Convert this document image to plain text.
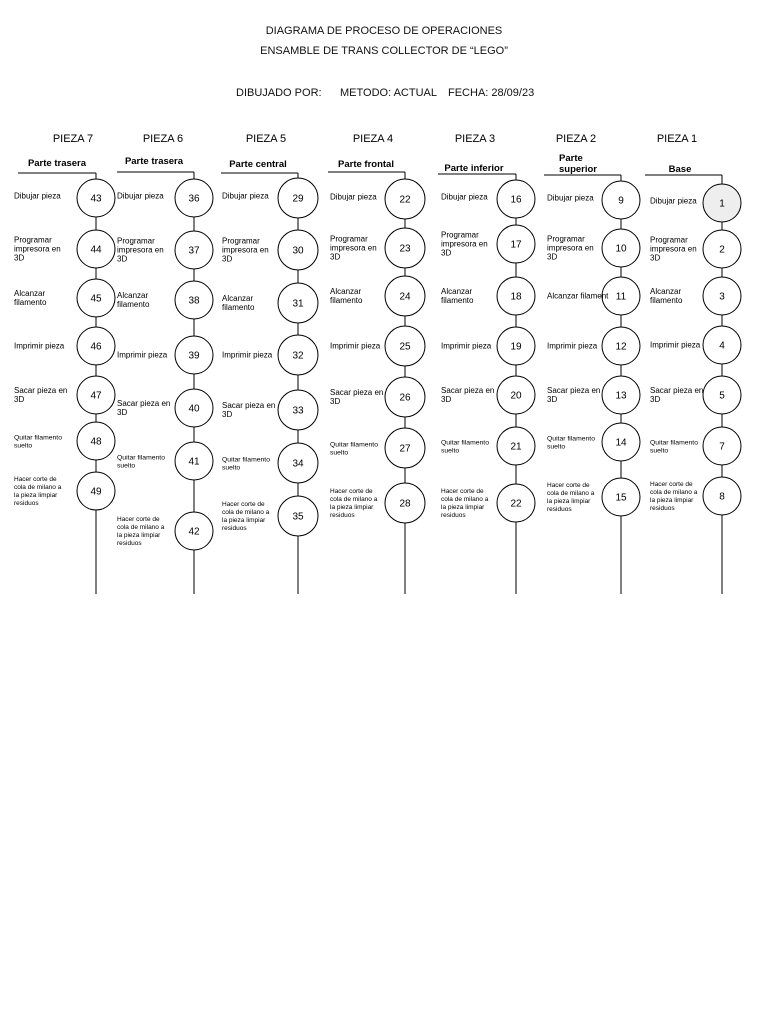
DIAGRAMA DE PROCESO DE OPERACIONES
ENSAMBLE DE TRANS COLLECTOR DE “LEGO”
DIBUJADO POR: METODO: ACTUAL FECHA: 28/09/23
PIEZA 7
Parte trasera
43
Dibujar pieza
44
Programar impresora en 3D
45
Alcanzar filamento
46
Imprimir pieza
47
Sacar pieza en 3D
48
Quitar filamento suelto
49
Hacer corte de cola de milano a la pieza limpiar residuos
PIEZA 6
Parte trasera
36
Dibujar pieza
37
Programar impresora en 3D
38
Alcanzar filamento
39
Imprimir pieza
40
Sacar pieza en 3D
41
Quitar filamento suelto
42
Hacer corte de cola de milano a la pieza limpiar residuos
PIEZA 5
Parte central
29
Dibujar pieza
30
Programar impresora en 3D
31
Alcanzar filamento
32
Imprimir pieza
33
Sacar pieza en 3D
34
Quitar filamento suelto
35
Hacer corte de cola de milano a la pieza limpiar residuos
PIEZA 4
Parte frontal
22
Dibujar pieza
23
Programar impresora en 3D
24
Alcanzar filamento
25
Imprimir pieza
26
Sacar pieza en 3D
27
Quitar filamento suelto
28
Hacer corte de cola de milano a la pieza limpiar residuos
PIEZA 3
Parte inferior
16
Dibujar pieza
17
Programar impresora en 3D
18
Alcanzar filamento
19
Imprimir pieza
20
Sacar pieza en 3D
21
Quitar filamento suelto
22
Hacer corte de cola de milano a la pieza limpiar residuos
PIEZA 2
Parte
superior
9
Dibujar pieza
10
Programar impresora en 3D
11
Alcanzar filament
12
Imprimir pieza
13
Sacar pieza en 3D
14
Quitar filamento suelto
15
Hacer corte de cola de milano a la pieza limpiar residuos
PIEZA 1
Base
1
Dibujar pieza
2
Programar impresora en 3D
3
Alcanzar filamento
4
Imprimir pieza
5
Sacar pieza en 3D
7
Quitar filamento suelto
8
Hacer corte de cola de milano a la pieza limpiar residuos
